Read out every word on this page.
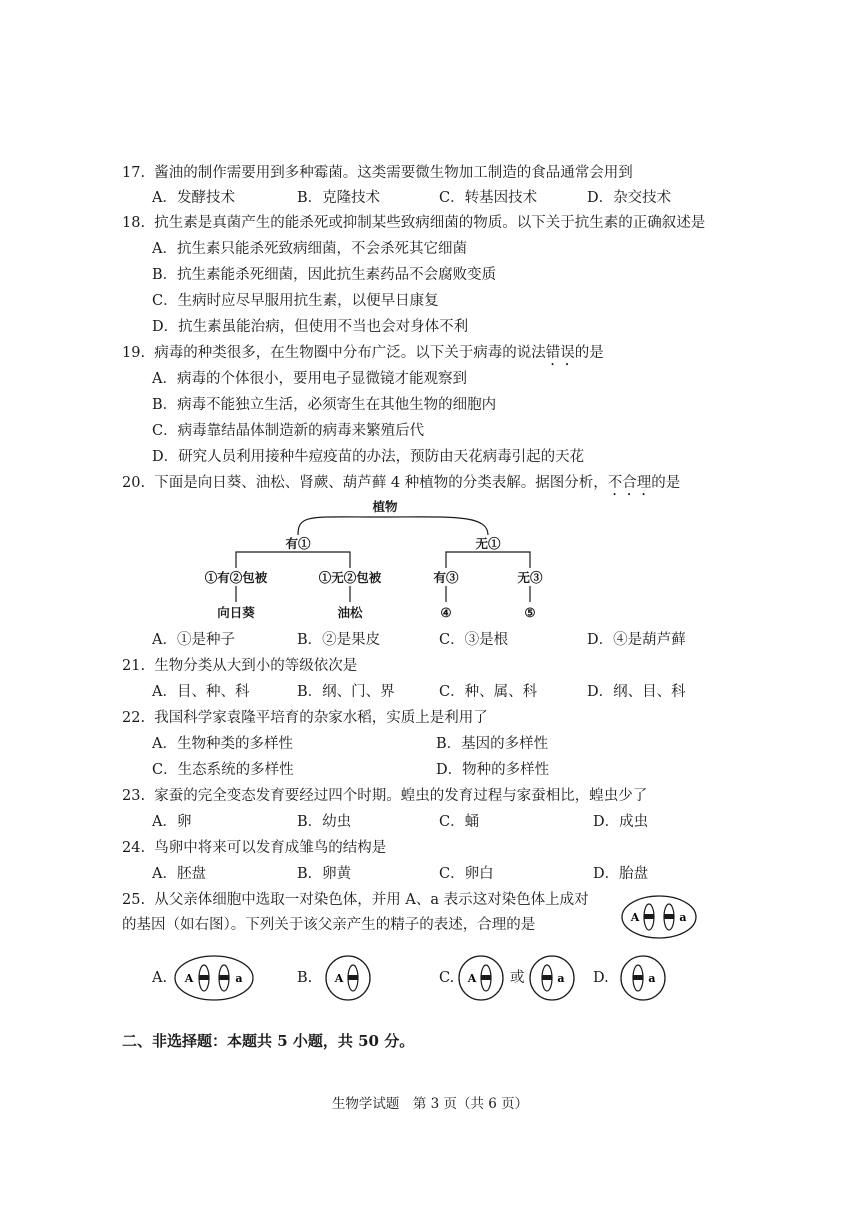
17. 酱油的制作需要用到多种霉菌。这类需要微生物加工制造的食品通常会用到
A．发酵技术	B．克隆技术	C．转基因技术	D．杂交技术
18. 抗生素是真菌产生的能杀死或抑制某些致病细菌的物质。以下关于抗生素的正确叙述是
A．抗生素只能杀死致病细菌，不会杀死其它细菌
B．抗生素能杀死细菌，因此抗生素药品不会腐败变质
C．生病时应尽早服用抗生素，以便早日康复
D．抗生素虽能治病，但使用不当也会对身体不利
19. 病毒的种类很多，在生物圈中分布广泛。以下关于病毒的说法错误的是
A．病毒的个体很小，要用电子显微镜才能观察到
B．病毒不能独立生活，必须寄生在其他生物的细胞内
C．病毒靠结晶体制造新的病毒来繁殖后代
D．研究人员利用接种牛痘疫苗的办法，预防由天花病毒引起的天花
20. 下面是向日葵、油松、肾蕨、葫芦藓 4 种植物的分类表解。据图分析，不合理的是
植物
有①	无①
①有②包被	①无②包被	有③	无③
向日葵	油松	④	⑤
A．①是种子	B．②是果皮	C．③是根	D．④是葫芦藓
21. 生物分类从大到小的等级依次是
A．目、种、科	B．纲、门、界	C．种、属、科	D．纲、目、科
22. 我国科学家袁隆平培育的杂家水稻，实质上是利用了
A．生物种类的多样性	B．基因的多样性
C．生态系统的多样性	D．物种的多样性
23. 家蚕的完全变态发育要经过四个时期。蝗虫的发育过程与家蚕相比，蝗虫少了
A．卵	B．幼虫	C．蛹	D．成虫
24. 鸟卵中将来可以发育成雏鸟的结构是
A．胚盘	B．卵黄	C．卵白	D．胎盘
25. 从父亲体细胞中选取一对染色体，并用 A、a 表示这对染色体上成对
的基因（如右图）。下列关于该父亲产生的精子的表述，合理的是	A	a
A. A	a	B. A	C. A 或	a D.	a
二、非选择题：本题共 5 小题，共 50 分。
生物学试题　第 3 页（共 6 页）
